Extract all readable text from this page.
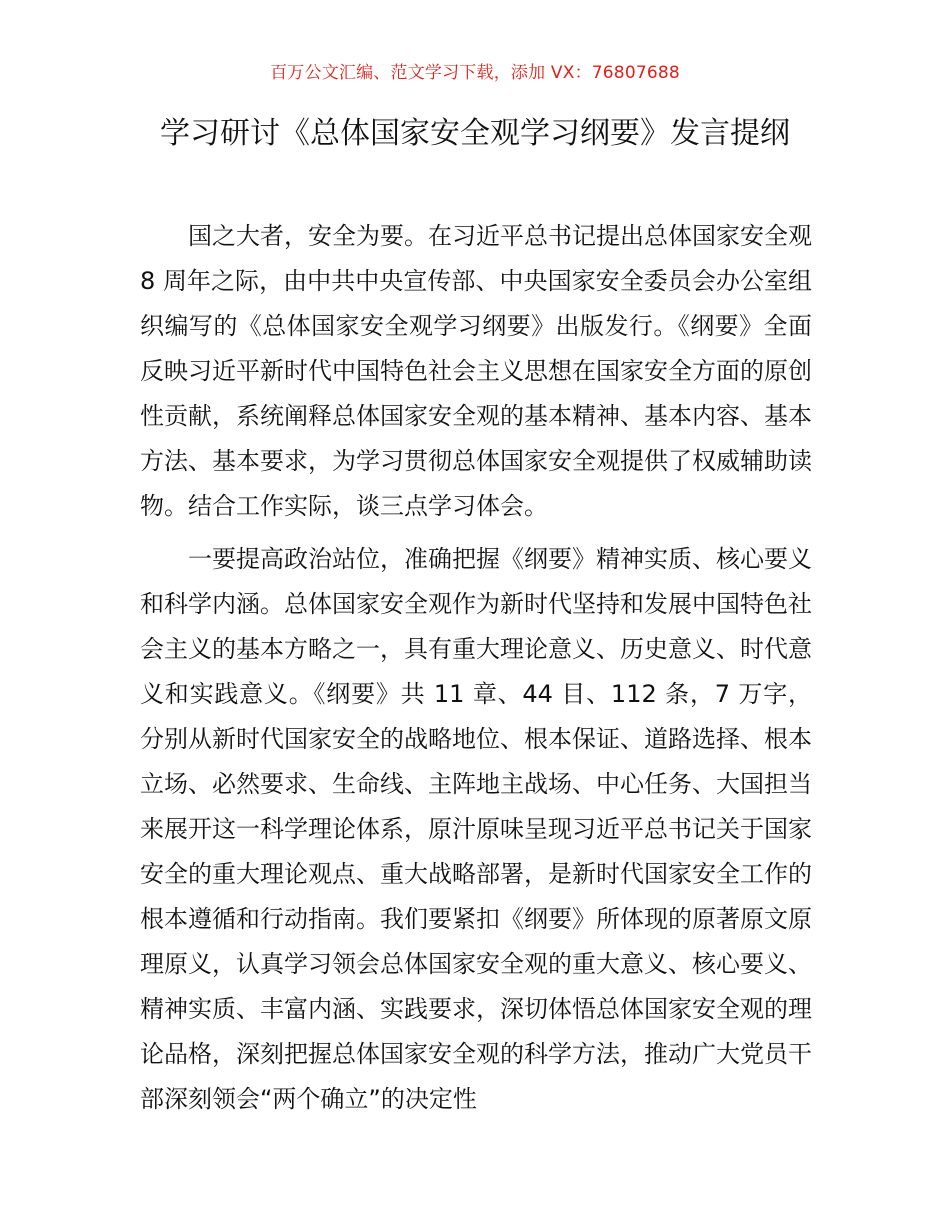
百万公文汇编、范文学习下载，添加 VX：76807688
学习研讨《总体国家安全观学习纲要》发言提纲

国之大者，安全为要。在习近平总书记提出总体国家安全观 8 周年之际，由中共中央宣传部、中央国家安全委员会办公室组织编写的《总体国家安全观学习纲要》出版发行。《纲要》全面反映习近平新时代中国特色社会主义思想在国家安全方面的原创性贡献，系统阐释总体国家安全观的基本精神、基本内容、基本方法、基本要求，为学习贯彻总体国家安全观提供了权威辅助读物。结合工作实际，谈三点学习体会。

一要提高政治站位，准确把握《纲要》精神实质、核心要义和科学内涵。总体国家安全观作为新时代坚持和发展中国特色社会主义的基本方略之一，具有重大理论意义、历史意义、时代意义和实践意义。《纲要》共 11 章、44 目、112 条，7 万字，分别从新时代国家安全的战略地位、根本保证、道路选择、根本立场、必然要求、生命线、主阵地主战场、中心任务、大国担当来展开这一科学理论体系，原汁原味呈现习近平总书记关于国家安全的重大理论观点、重大战略部署，是新时代国家安全工作的根本遵循和行动指南。我们要紧扣《纲要》所体现的原著原文原理原义，认真学习领会总体国家安全观的重大意义、核心要义、精神实质、丰富内涵、实践要求，深切体悟总体国家安全观的理论品格，深刻把握总体国家安全观的科学方法，推动广大党员干部深刻领会“两个确立”的决定性
